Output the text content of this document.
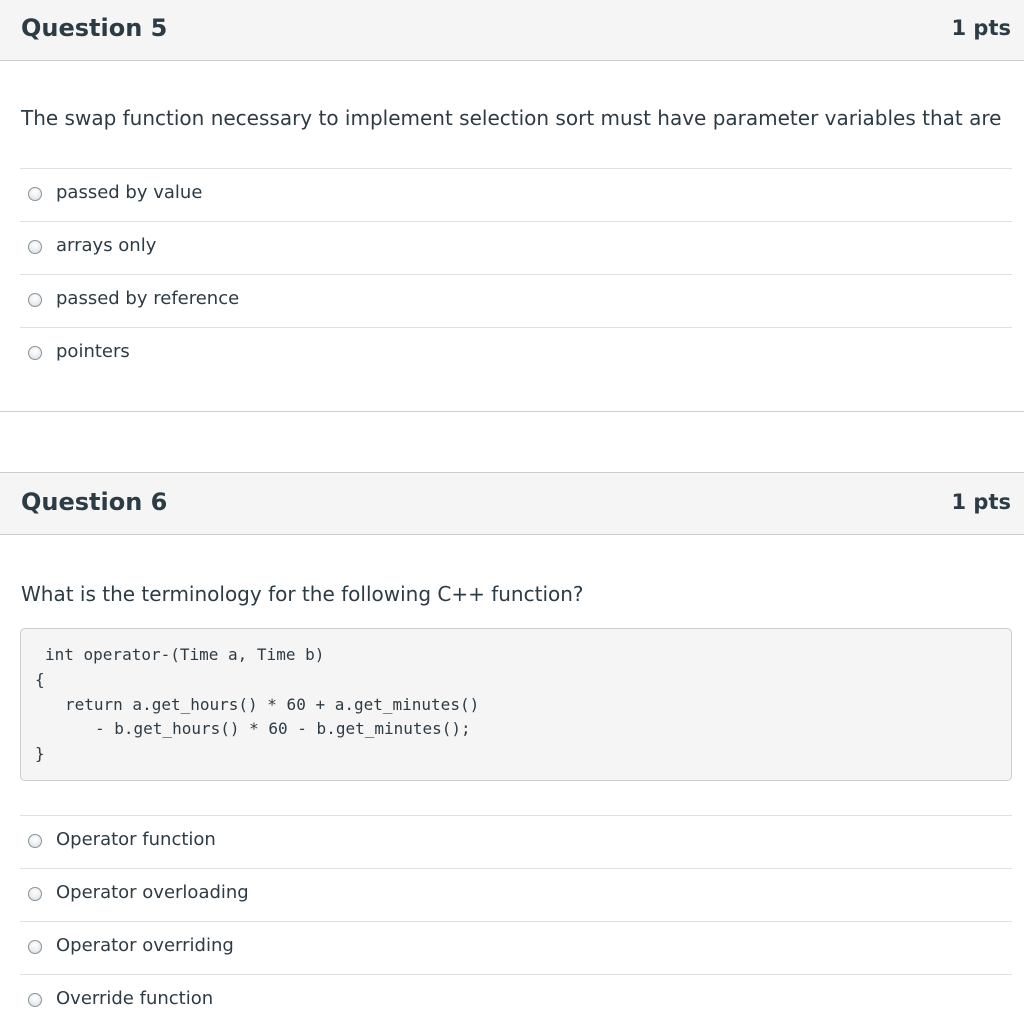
Question 5	1 pts
The swap function necessary to implement selection sort must have parameter variables that are
passed by value
arrays only
passed by reference
pointers
Question 6	1 pts
What is the terminology for the following C++ function?
int operator-(Time a, Time b)
{
return a.get_hours() * 60 + a.get_minutes()
- b.get_hours() * 60 - b.get_minutes();
}
Operator function
Operator overloading
Operator overriding
Override function
